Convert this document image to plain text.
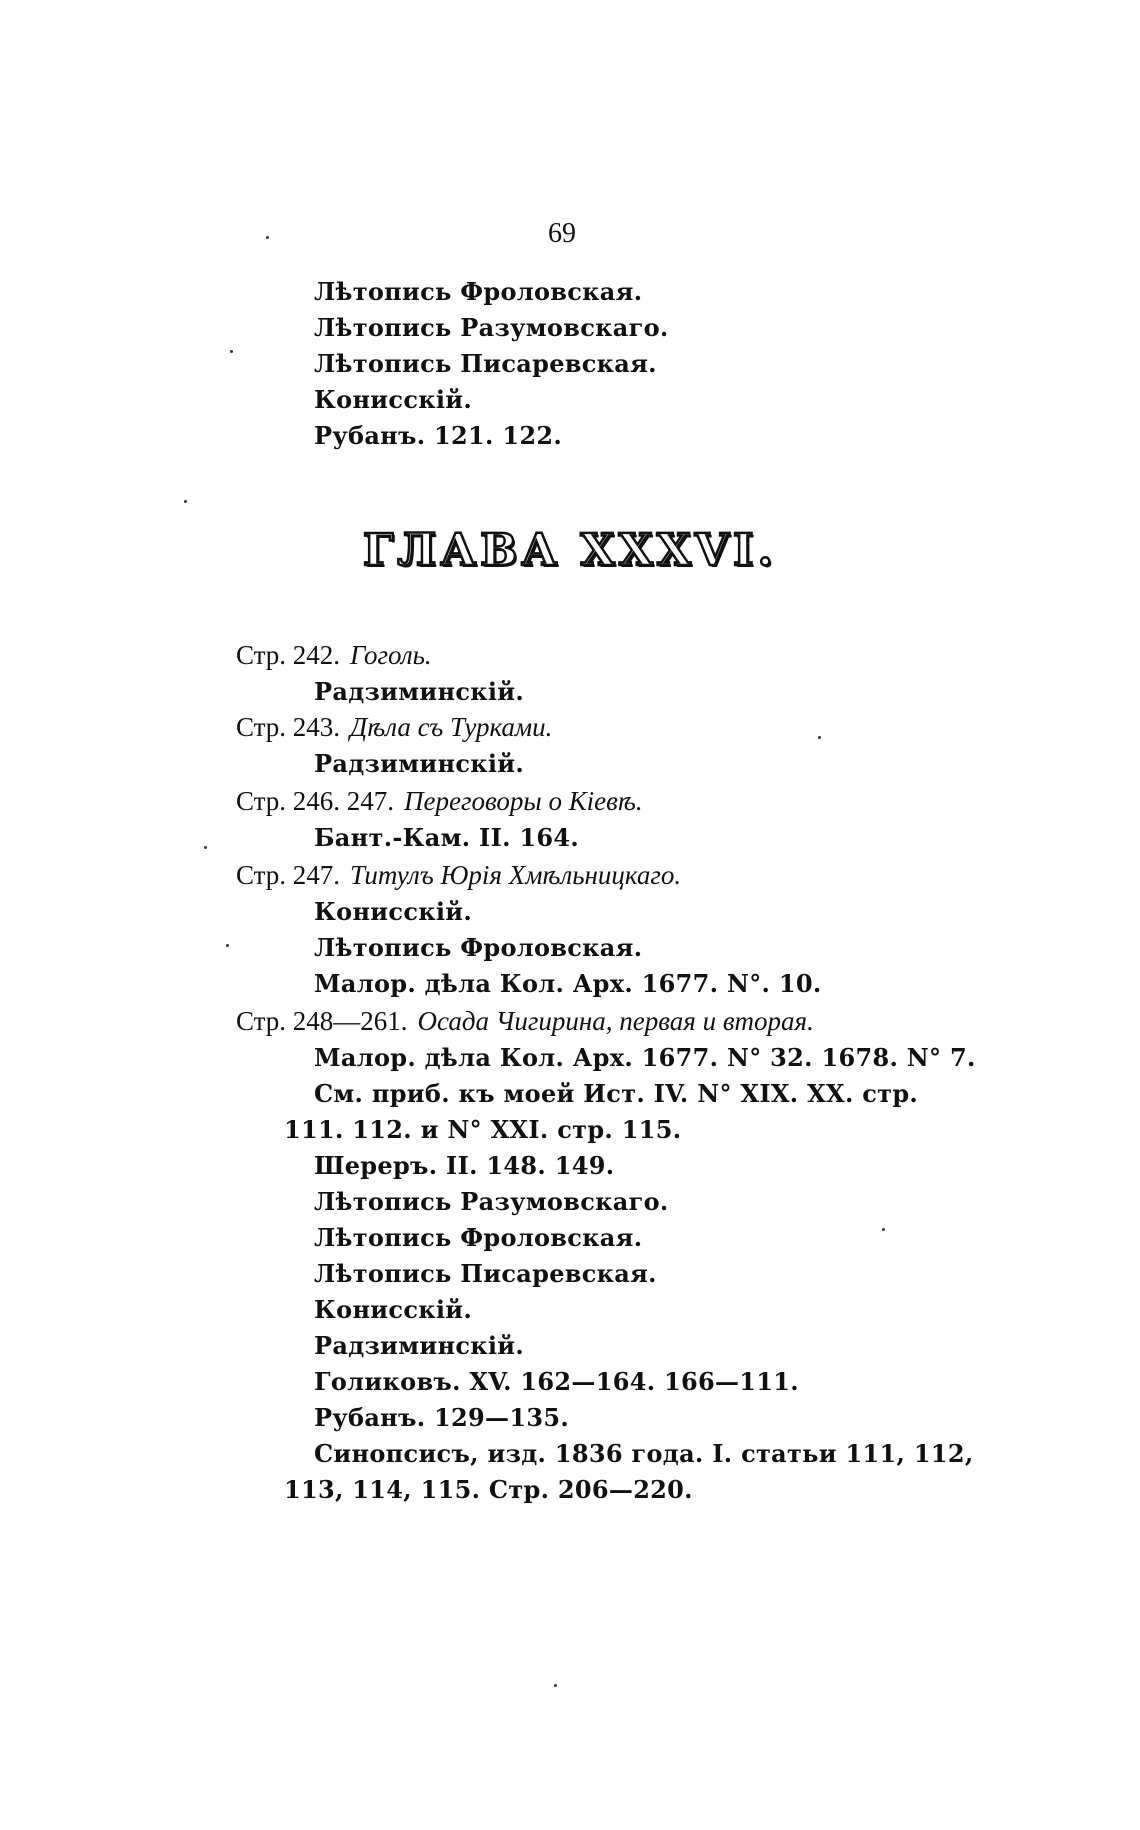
69
Лѣтопись Фроловская.
Лѣтопись Разумовскаго.
Лѣтопись Писаревская.
Конисскій.
Рубанъ. 121. 122.
ГЛАВА XXXVI.
Стр. 242. Гоголь.
Радзиминскій.
Стр. 243. Дѣла съ Турками.
Радзиминскій.
Стр. 246. 247. Переговоры о Кіевѣ.
Бант.-Кам. II. 164.
Стр. 247. Титулъ Юрія Хмѣльницкаго.
Конисскій.
Лѣтопись Фроловская.
Малор. дѣла Кол. Арх. 1677. N°. 10.
Стр. 248—261. Осада Чигирина, первая и вторая.
Малор. дѣла Кол. Арх. 1677. N° 32. 1678. N° 7.
См. приб. къ моей Ист. IV. N° XIX. XX. стр.
111. 112. и N° XXI. стр. 115.
Шереръ. II. 148. 149.
Лѣтопись Разумовскаго.
Лѣтопись Фроловская.
Лѣтопись Писаревская.
Конисскій.
Радзиминскій.
Голиковъ. XV. 162—164. 166—111.
Рубанъ. 129—135.
Синопсисъ, изд. 1836 года. I. статьи 111, 112,
113, 114, 115. Стр. 206—220.
